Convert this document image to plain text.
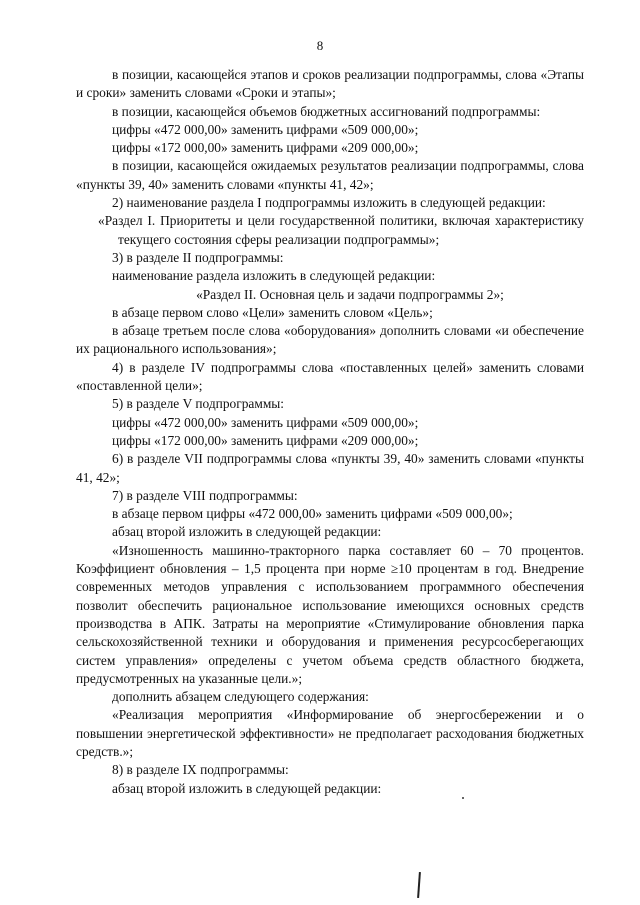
8

в позиции, касающейся этапов и сроков реализации подпрограммы, слова «Этапы и сроки» заменить словами «Сроки и этапы»;

в позиции, касающейся объемов бюджетных ассигнований подпрограммы:

цифры «472 000,00» заменить цифрами «509 000,00»;

цифры «172 000,00» заменить цифрами «209 000,00»;

в позиции, касающейся ожидаемых результатов реализации подпрограммы, слова «пункты 39, 40» заменить словами «пункты 41, 42»;

2) наименование раздела I подпрограммы изложить в следующей редакции:

«Раздел I. Приоритеты и цели государственной политики, включая характеристику текущего состояния сферы реализации подпрограммы»;

3) в разделе II подпрограммы:

наименование раздела изложить в следующей редакции:

«Раздел II. Основная цель и задачи подпрограммы 2»;

в абзаце первом слово «Цели» заменить словом «Цель»;

в абзаце третьем после слова «оборудования» дополнить словами «и обеспечение их рационального использования»;

4) в разделе IV подпрограммы слова «поставленных целей» заменить словами «поставленной цели»;

5) в разделе V подпрограммы:

цифры «472 000,00» заменить цифрами «509 000,00»;

цифры «172 000,00» заменить цифрами «209 000,00»;

6) в разделе VII подпрограммы слова «пункты 39, 40» заменить словами «пункты 41, 42»;

7) в разделе VIII подпрограммы:

в абзаце первом цифры «472 000,00» заменить цифрами «509 000,00»;

абзац второй изложить в следующей редакции:

«Изношенность машинно-тракторного парка составляет 60 – 70 процентов. Коэффициент обновления – 1,5 процента при норме ≥10 процентам в год. Внедрение современных методов управления с использованием программного обеспечения позволит обеспечить рациональное использование имеющихся основных средств производства в АПК. Затраты на мероприятие «Стимулирование обновления парка сельскохозяйственной техники и оборудования и применения ресурсосберегающих систем управления» определены с учетом объема средств областного бюджета, предусмотренных на указанные цели.»;

дополнить абзацем следующего содержания:

«Реализация мероприятия «Информирование об энергосбережении и о повышении энергетической эффективности» не предполагает расходования бюджетных средств.»;

8) в разделе IX подпрограммы:

абзац второй изложить в следующей редакции:
